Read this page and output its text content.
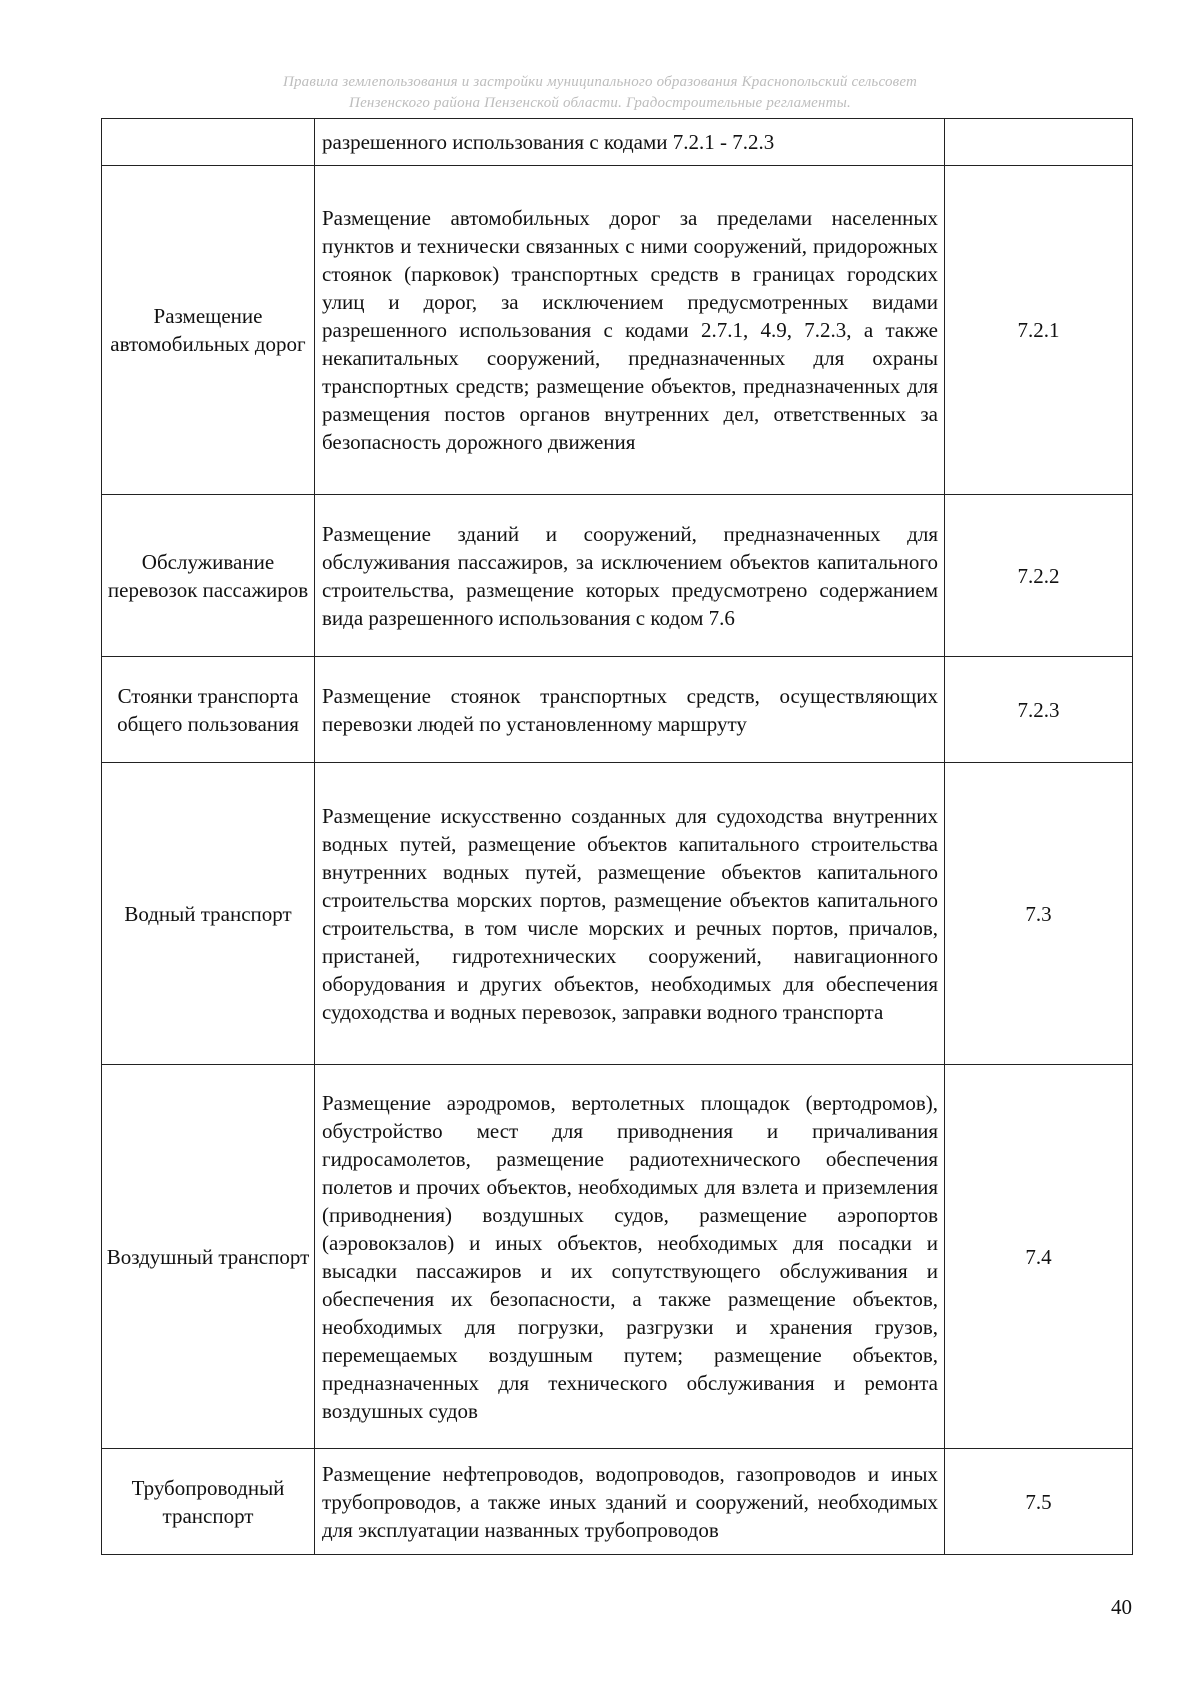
Правила землепользования и застройки муниципального образования Краснопольский сельсовет
Пензенского района Пензенской области. Градостроительные регламенты.
	разрешенного использования с кодами 7.2.1 - 7.2.3	
Размещение автомобильных дорог	Размещение автомобильных дорог за пределами населенных пунктов и технически связанных с ними сооружений, придорожных стоянок (парковок) транспортных средств в границах городских улиц и дорог, за исключением предусмотренных видами разрешенного использования с кодами 2.7.1, 4.9, 7.2.3, а также некапитальных сооружений, предназначенных для охраны транспортных средств; размещение объектов, предназначенных для размещения постов органов внутренних дел, ответственных за безопасность дорожного движения	7.2.1
Обслуживание перевозок пассажиров	Размещение зданий и сооружений, предназначенных для обслуживания пассажиров, за исключением объектов капитального строительства, размещение которых предусмотрено содержанием вида разрешенного использования с кодом 7.6	7.2.2
Стоянки транспорта общего пользования	Размещение стоянок транспортных средств, осуществляющих перевозки людей по установленному маршруту	7.2.3
Водный транспорт	Размещение искусственно созданных для судоходства внутренних водных путей, размещение объектов капитального строительства внутренних водных путей, размещение объектов капитального строительства морских портов, размещение объектов капитального строительства, в том числе морских и речных портов, причалов, пристаней, гидротехнических сооружений, навигационного оборудования и других объектов, необходимых для обеспечения судоходства и водных перевозок, заправки водного транспорта	7.3
Воздушный транспорт	Размещение аэродромов, вертолетных площадок (вертодромов), обустройство мест для приводнения и причаливания гидросамолетов, размещение радиотехнического обеспечения полетов и прочих объектов, необходимых для взлета и приземления (приводнения) воздушных судов, размещение аэропортов (аэровокзалов) и иных объектов, необходимых для посадки и высадки пассажиров и их сопутствующего обслуживания и обеспечения их безопасности, а также размещение объектов, необходимых для погрузки, разгрузки и хранения грузов, перемещаемых воздушным путем; размещение объектов, предназначенных для технического обслуживания и ремонта воздушных судов	7.4
Трубопроводный транспорт	Размещение нефтепроводов, водопроводов, газопроводов и иных трубопроводов, а также иных зданий и сооружений, необходимых для эксплуатации названных трубопроводов	7.5
40
